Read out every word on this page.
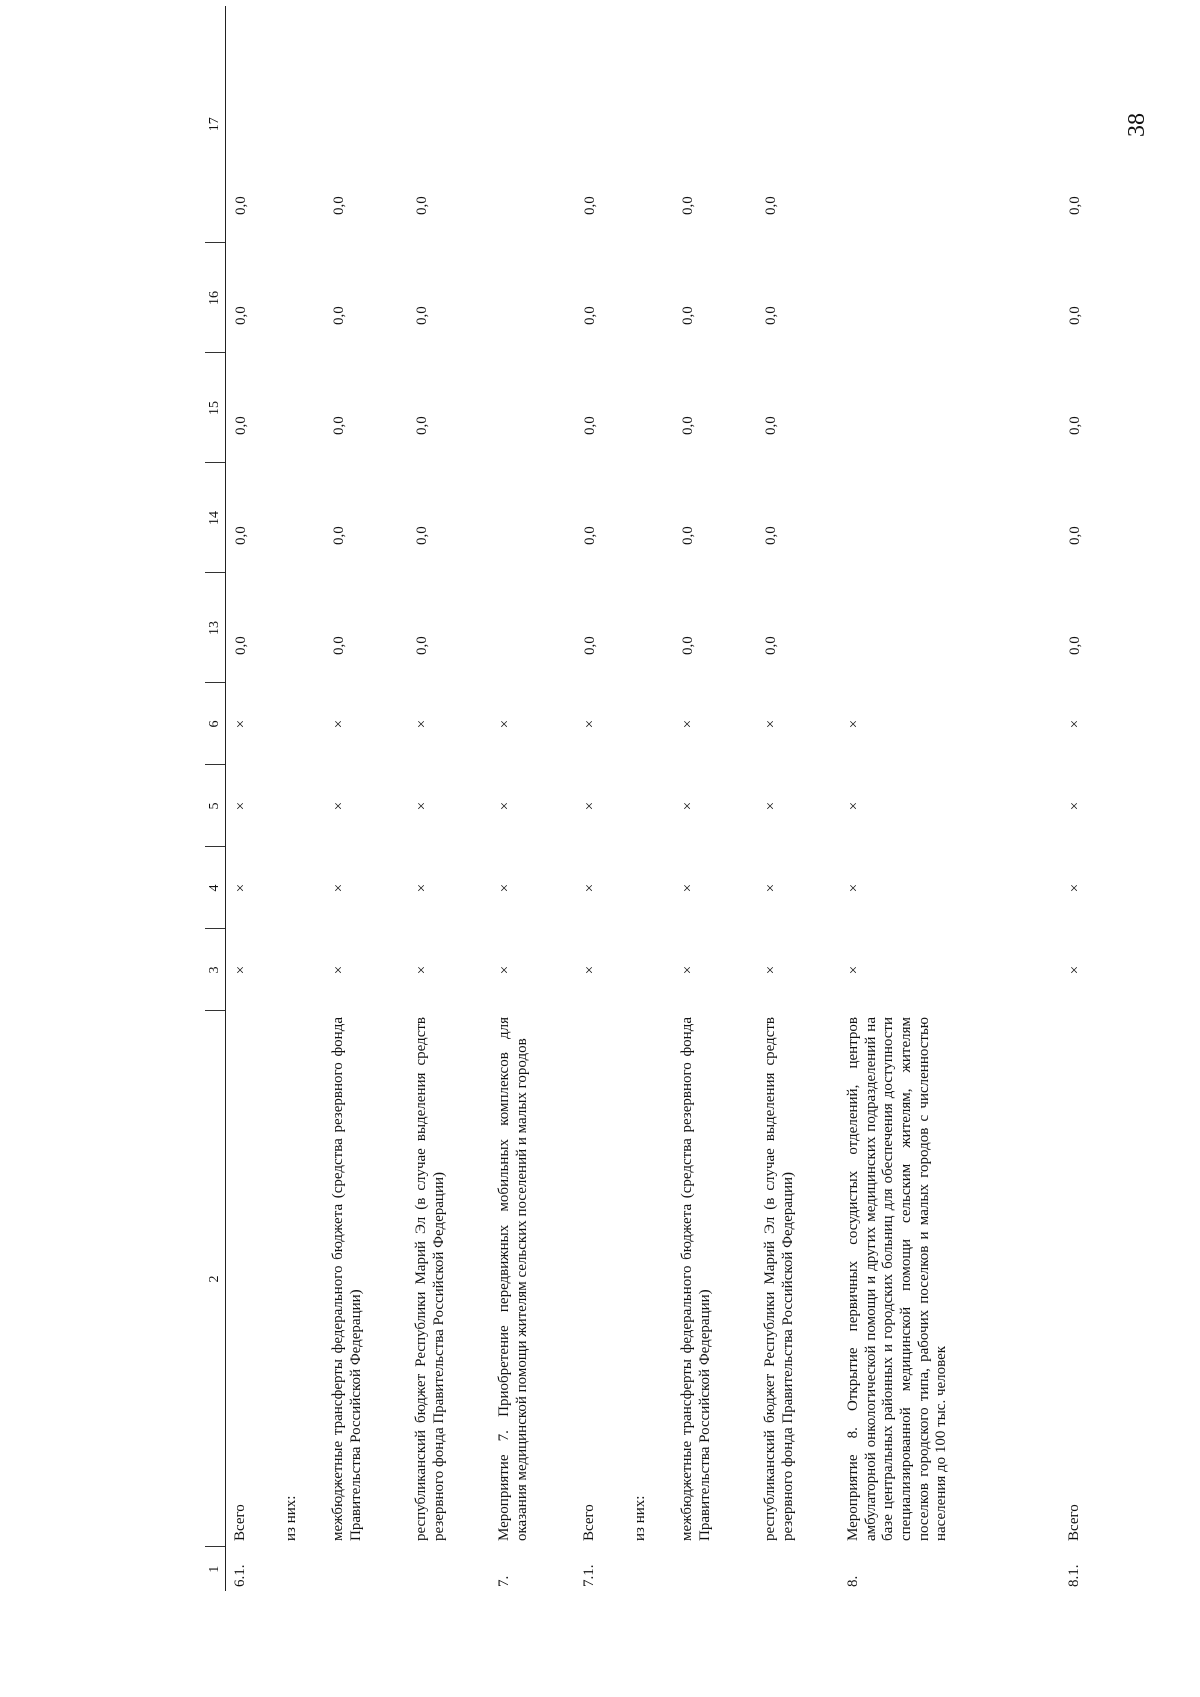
38
1	2	3	4	5	6	13	14	15	16	17
6.1.	Всего	×	×	×	×	0,0	0,0	0,0	0,0	0,0
	из них:									
	межбюджетные трансферты федерального бюджета (средства резервного фонда Правительства Российской Федерации)	×	×	×	×	0,0	0,0	0,0	0,0	0,0
	республиканский бюджет Республики Марий Эл (в случае выделения средств резервного фонда Правительства Российской Федерации)	×	×	×	×	0,0	0,0	0,0	0,0	0,0
7.	Мероприятие 7. Приобретение передвижных мобильных комплексов для оказания медицинской помощи жителям сельских поселений и малых городов	×	×	×	×					
7.1.	Всего	×	×	×	×	0,0	0,0	0,0	0,0	0,0
	из них:									
	межбюджетные трансферты федерального бюджета (средства резервного фонда Правительства Российской Федерации)	×	×	×	×	0,0	0,0	0,0	0,0	0,0
	республиканский бюджет Республики Марий Эл (в случае выделения средств резервного фонда Правительства Российской Федерации)	×	×	×	×	0,0	0,0	0,0	0,0	0,0
8.	Мероприятие 8. Открытие первичных сосудистых отделений, центров амбулаторной онкологической помощи и других медицинских подразделений на базе центральных районных и городских больниц для обеспечения доступности специализированной медицинской помощи сельским жителям, жителям поселков городского типа, рабочих поселков и малых городов с численностью населения до 100 тыс. человек	×	×	×	×					
8.1.	Всего	×	×	×	×	0,0	0,0	0,0	0,0	0,0
